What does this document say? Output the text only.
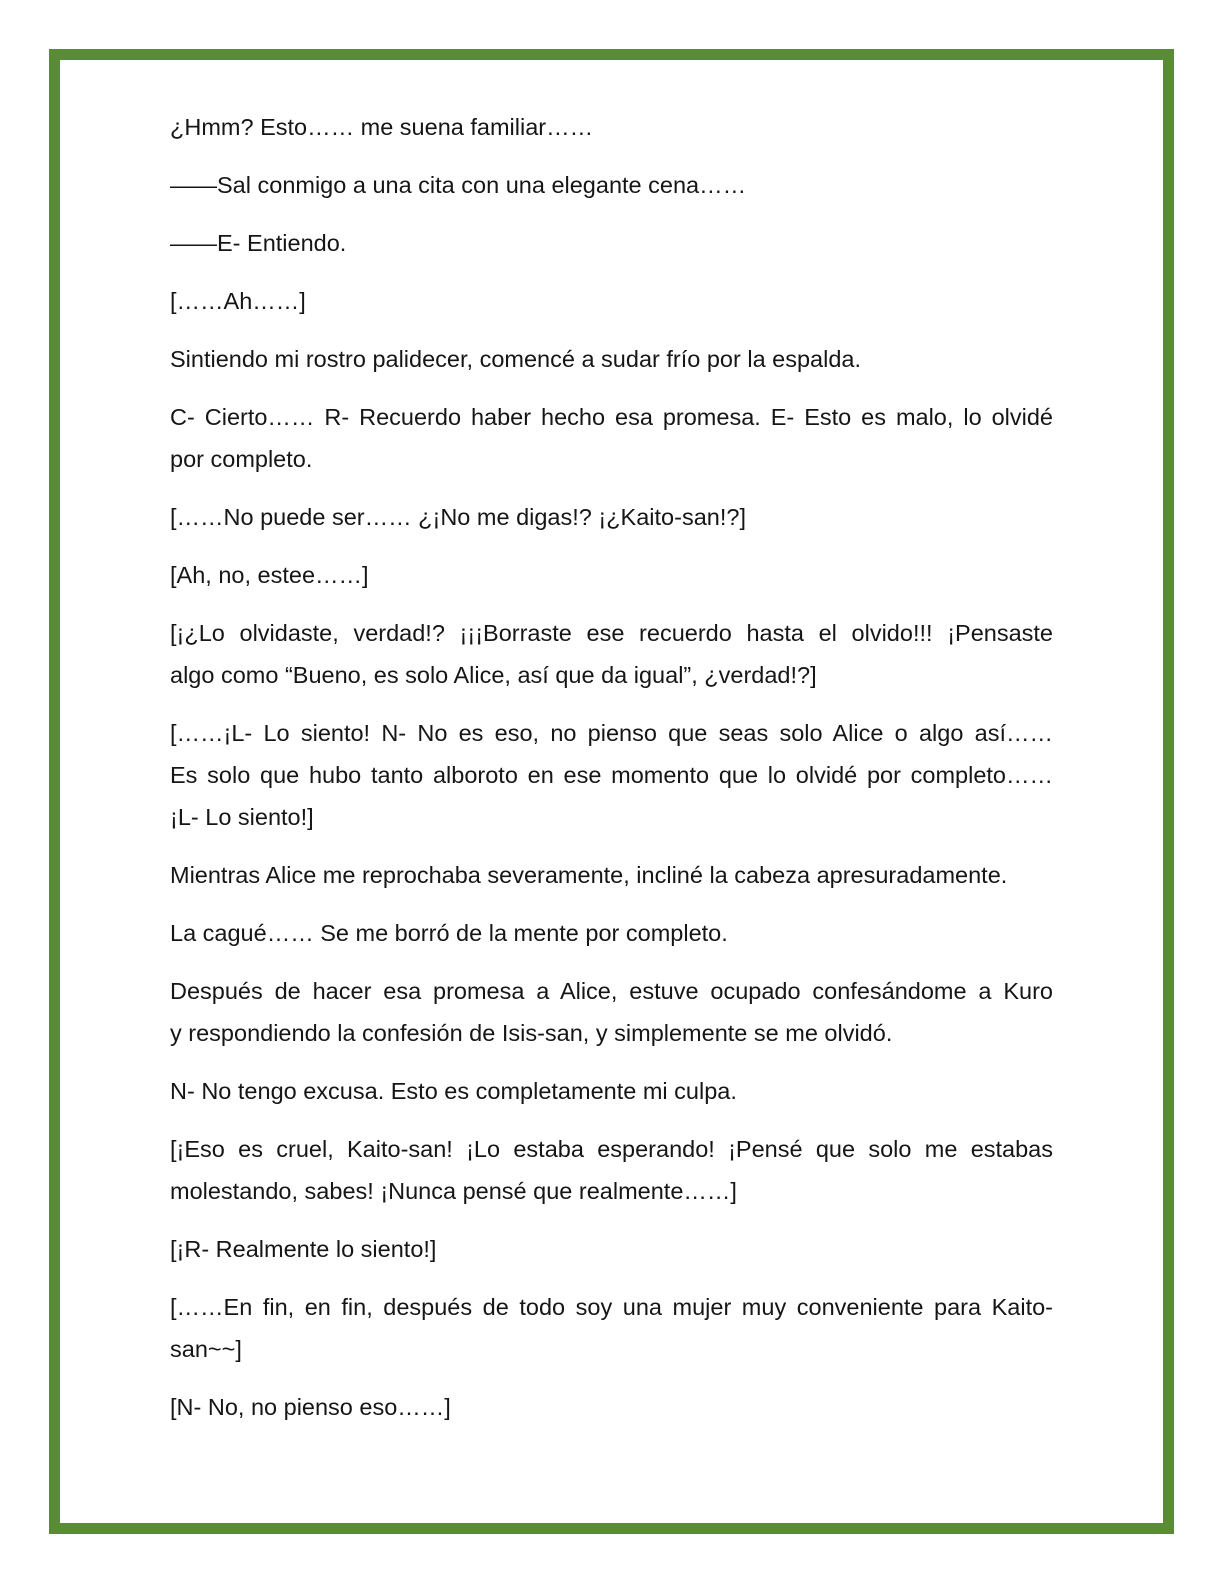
¿Hmm? Esto…… me suena familiar……

——Sal conmigo a una cita con una elegante cena……

——E- Entiendo.

[……Ah……]

Sintiendo mi rostro palidecer, comencé a sudar frío por la espalda.

C- Cierto…… R- Recuerdo haber hecho esa promesa. E- Esto es malo, lo olvidé
por completo.

[……No puede ser…… ¿¡No me digas!? ¡¿Kaito-san!?]

[Ah, no, estee……]

[¡¿Lo olvidaste, verdad!? ¡¡¡Borraste ese recuerdo hasta el olvido!!! ¡Pensaste
algo como “Bueno, es solo Alice, así que da igual”, ¿verdad!?]

[……¡L- Lo siento! N- No es eso, no pienso que seas solo Alice o algo así……
Es solo que hubo tanto alboroto en ese momento que lo olvidé por completo……
¡L- Lo siento!]

Mientras Alice me reprochaba severamente, incliné la cabeza apresuradamente.

La cagué…… Se me borró de la mente por completo.

Después de hacer esa promesa a Alice, estuve ocupado confesándome a Kuro
y respondiendo la confesión de Isis-san, y simplemente se me olvidó.

N- No tengo excusa. Esto es completamente mi culpa.

[¡Eso es cruel, Kaito-san! ¡Lo estaba esperando! ¡Pensé que solo me estabas
molestando, sabes! ¡Nunca pensé que realmente……]

[¡R- Realmente lo siento!]

[……En fin, en fin, después de todo soy una mujer muy conveniente para Kaito-
san~~]

[N- No, no pienso eso……]
